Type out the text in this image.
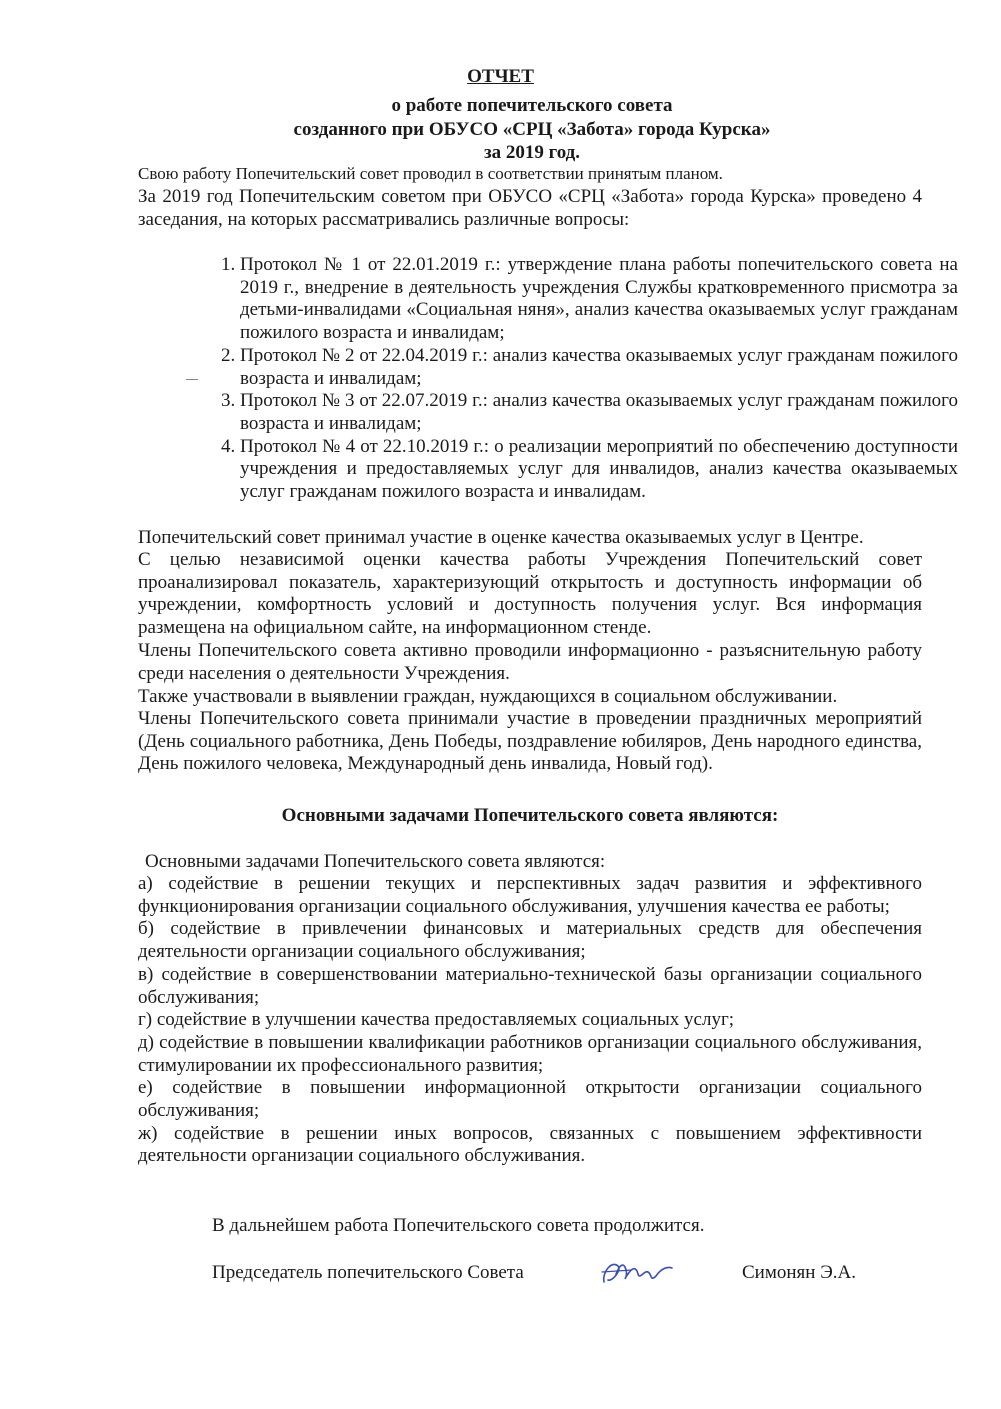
ОТЧЕТ
о работе попечительского совета
созданного при ОБУСО «СРЦ «Забота» города Курска»
за 2019 год.
Свою работу Попечительский совет проводил в соответствии принятым планом.
За 2019 год Попечительским советом при ОБУСО «СРЦ «Забота» города Курска» проведено 4 заседания, на которых рассматривались различные вопросы:
1. Протокол № 1 от 22.01.2019 г.: утверждение плана работы попечительского совета на 2019 г., внедрение в деятельность учреждения Службы кратковременного присмотра за детьми-инвалидами «Социальная няня», анализ качества оказываемых услуг гражданам пожилого возраста и инвалидам;
2. Протокол № 2 от 22.04.2019 г.: анализ качества оказываемых услуг гражданам пожилого возраста и инвалидам;
3. Протокол № 3 от 22.07.2019 г.: анализ качества оказываемых услуг гражданам пожилого возраста и инвалидам;
4. Протокол № 4 от 22.10.2019 г.: о реализации мероприятий по обеспечению доступности учреждения и предоставляемых услуг для инвалидов, анализ качества оказываемых услуг гражданам пожилого возраста и инвалидам.
Попечительский совет принимал участие в оценке качества оказываемых услуг в Центре.
С целью независимой оценки качества работы Учреждения Попечительский совет проанализировал показатель, характеризующий открытость и доступность информации об учреждении, комфортность условий и доступность получения услуг. Вся информация размещена на официальном сайте, на информационном стенде.
Члены Попечительского совета активно проводили информационно - разъяснительную работу среди населения о деятельности Учреждения.
Также участвовали в выявлении граждан, нуждающихся в социальном обслуживании.
Члены Попечительского совета принимали участие в проведении праздничных мероприятий (День социального работника, День Победы, поздравление юбиляров, День народного единства, День пожилого человека, Международный день инвалида, Новый год).
Основными задачами Попечительского совета являются:
Основными задачами Попечительского совета являются:
а) содействие в решении текущих и перспективных задач развития и эффективного функционирования организации социального обслуживания, улучшения качества ее работы;
б) содействие в привлечении финансовых и материальных средств для обеспечения деятельности организации социального обслуживания;
в) содействие в совершенствовании материально-технической базы организации социального обслуживания;
г) содействие в улучшении качества предоставляемых социальных услуг;
д) содействие в повышении квалификации работников организации социального обслуживания, стимулировании их профессионального развития;
е) содействие в повышении информационной открытости организации социального обслуживания;
ж) содействие в решении иных вопросов, связанных с повышением эффективности деятельности организации социального обслуживания.
В дальнейшем работа Попечительского совета продолжится.
Председатель попечительского Совета	Симонян Э.А.
